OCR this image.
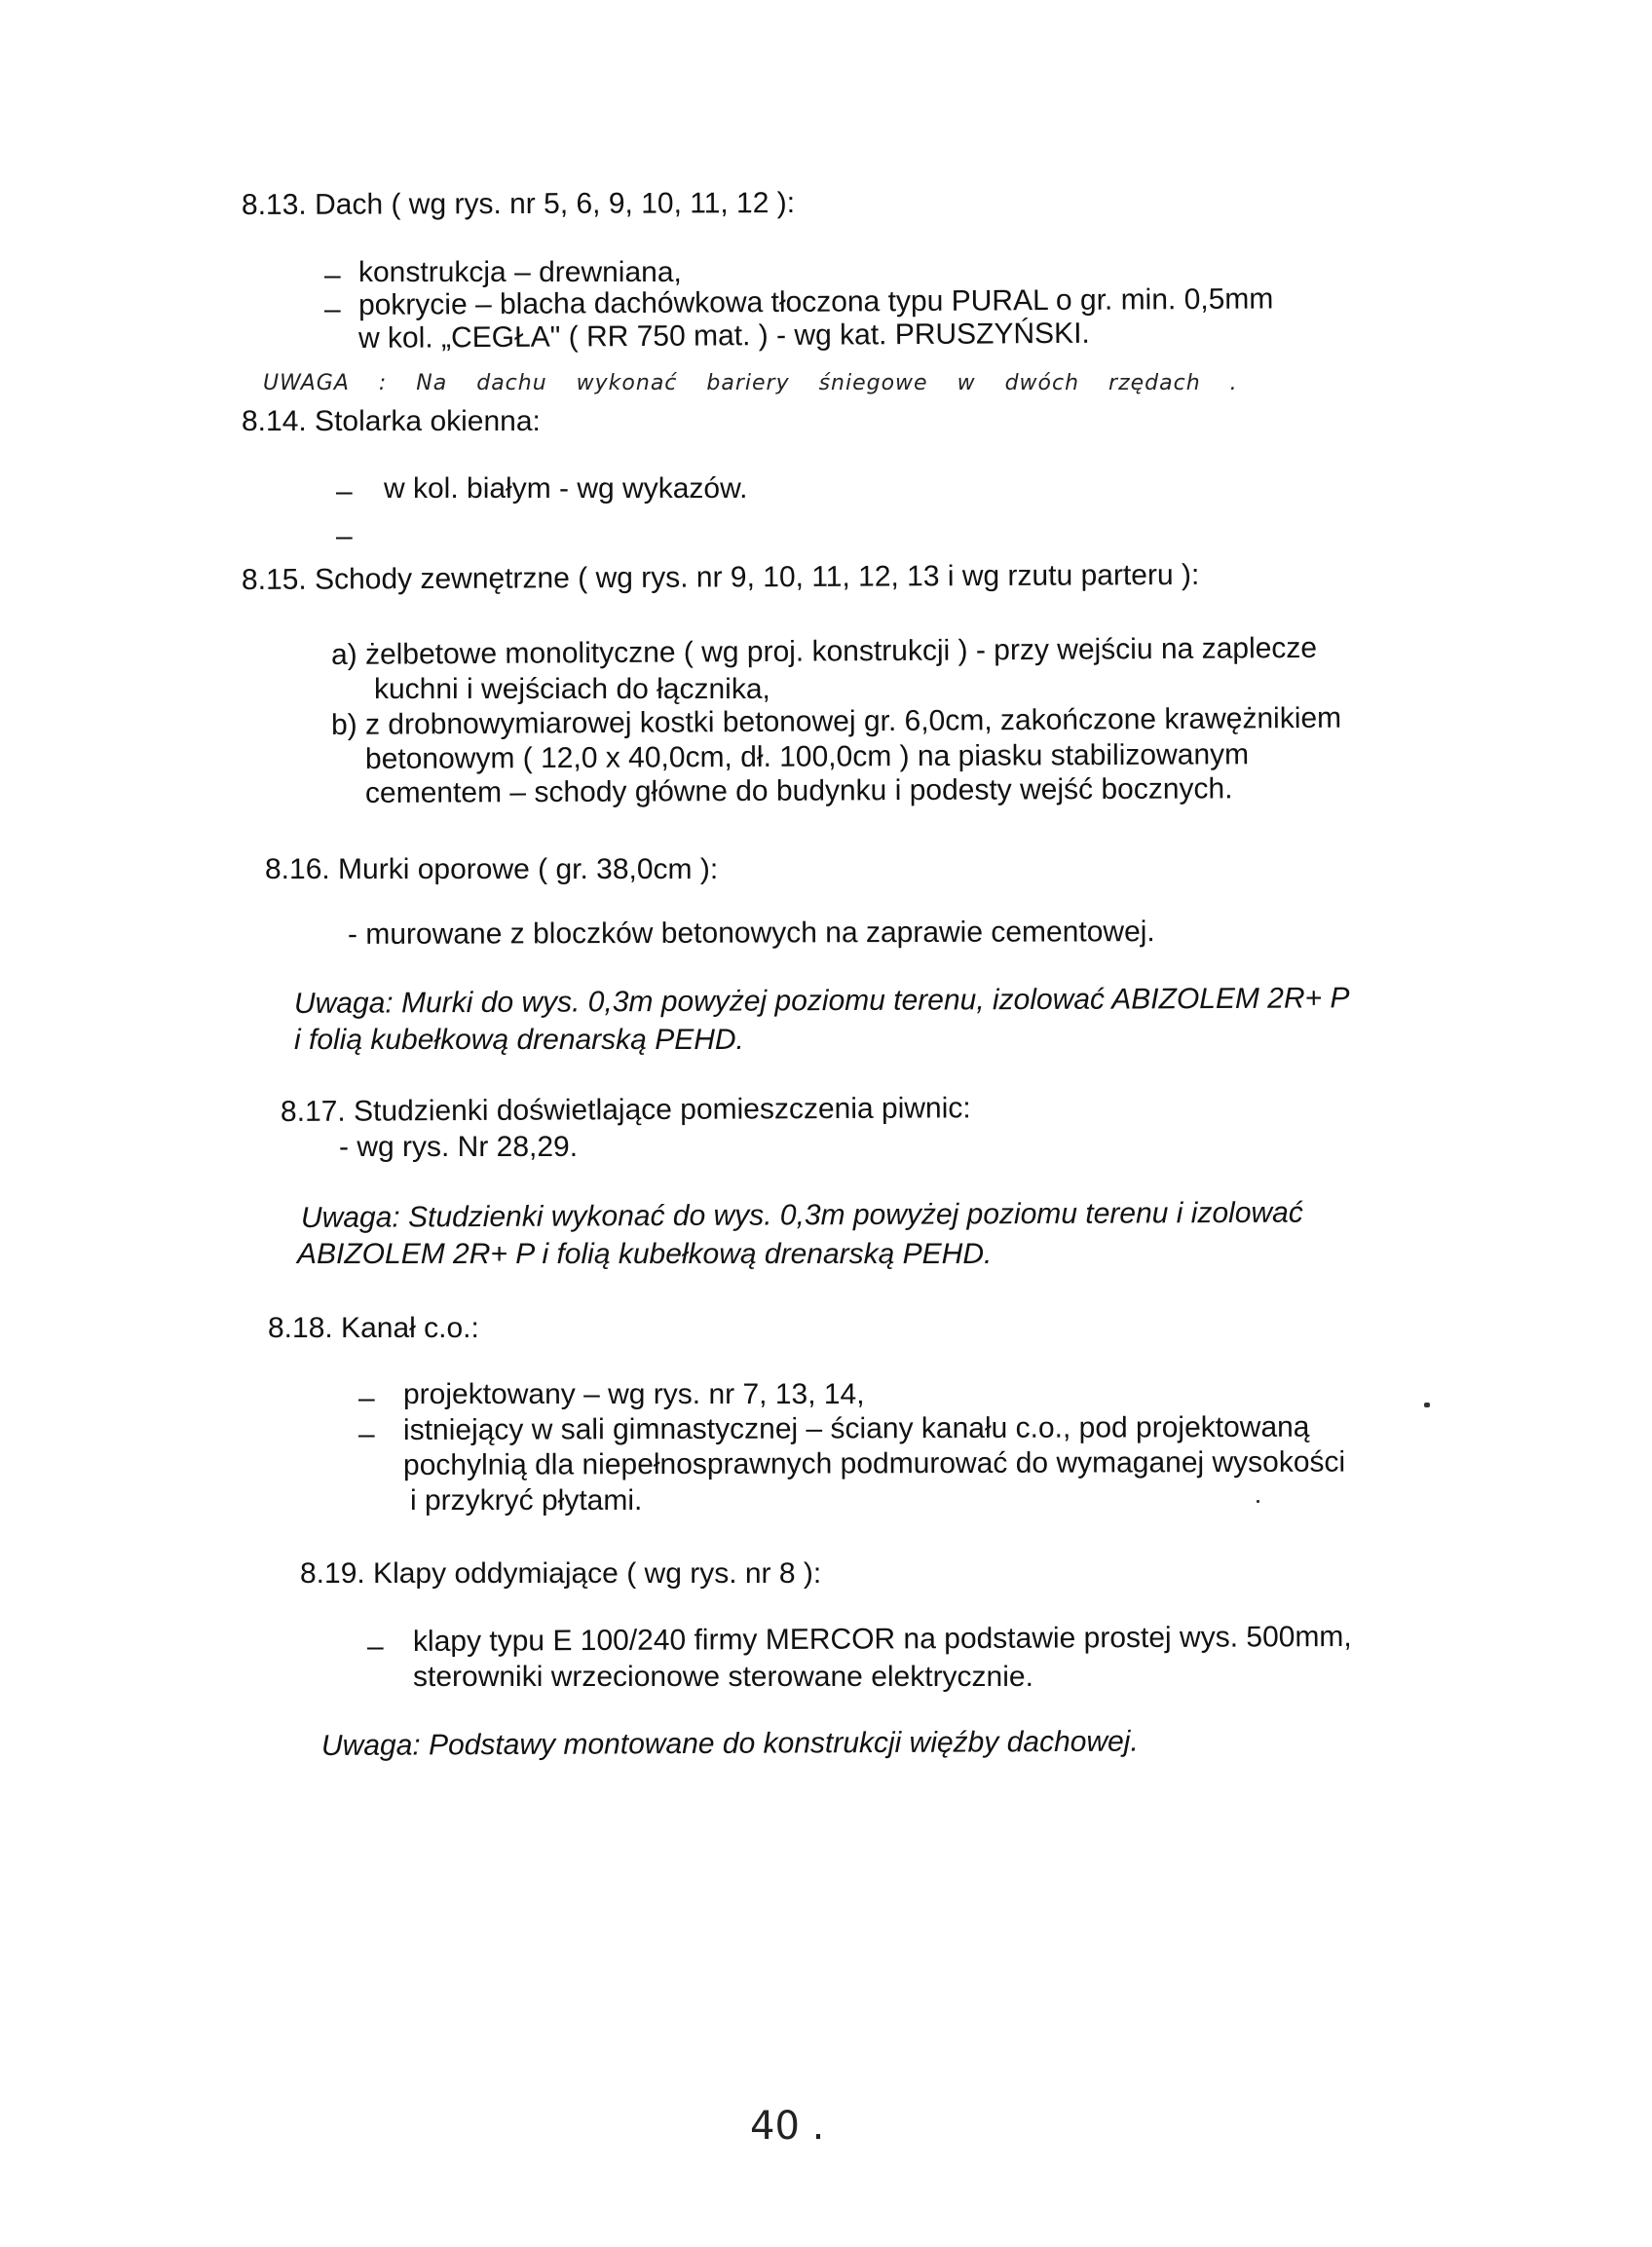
8.13. Dach ( wg rys. nr 5, 6, 9, 10, 11, 12 ):
– konstrukcja – drewniana,
– pokrycie – blacha dachówkowa tłoczona typu PURAL o gr. min. 0,5mm
w kol. „CEGŁA" ( RR 750 mat. ) - wg kat. PRUSZYŃSKI.
UWAGA : Na dachu wykonać bariery śniegowe w dwóch rzędach .
8.14. Stolarka okienna:
– w kol. białym - wg wykazów.
–
8.15. Schody zewnętrzne ( wg rys. nr 9, 10, 11, 12, 13 i wg rzutu parteru ):
a) żelbetowe monolityczne ( wg proj. konstrukcji ) - przy wejściu na zaplecze
kuchni i wejściach do łącznika,
b) z drobnowymiarowej kostki betonowej gr. 6,0cm, zakończone krawężnikiem
betonowym ( 12,0 x 40,0cm, dł. 100,0cm ) na piasku stabilizowanym
cementem – schody główne do budynku i podesty wejść bocznych.
8.16. Murki oporowe ( gr. 38,0cm ):
- murowane z bloczków betonowych na zaprawie cementowej.
Uwaga: Murki do wys. 0,3m powyżej poziomu terenu, izolować ABIZOLEM 2R+ P
i folią kubełkową drenarską PEHD.
8.17. Studzienki doświetlające pomieszczenia piwnic:
- wg rys. Nr 28,29.
Uwaga: Studzienki wykonać do wys. 0,3m powyżej poziomu terenu i izolować
ABIZOLEM 2R+ P i folią kubełkową drenarską PEHD.
8.18. Kanał c.o.:
– projektowany – wg rys. nr 7, 13, 14,
– istniejący w sali gimnastycznej – ściany kanału c.o., pod projektowaną
pochylnią dla niepełnosprawnych podmurować do wymaganej wysokości
i przykryć płytami.
8.19. Klapy oddymiające ( wg rys. nr 8 ):
– klapy typu E 100/240 firmy MERCOR na podstawie prostej wys. 500mm,
sterowniki wrzecionowe sterowane elektrycznie.
Uwaga: Podstawy montowane do konstrukcji więźby dachowej.
40 .
